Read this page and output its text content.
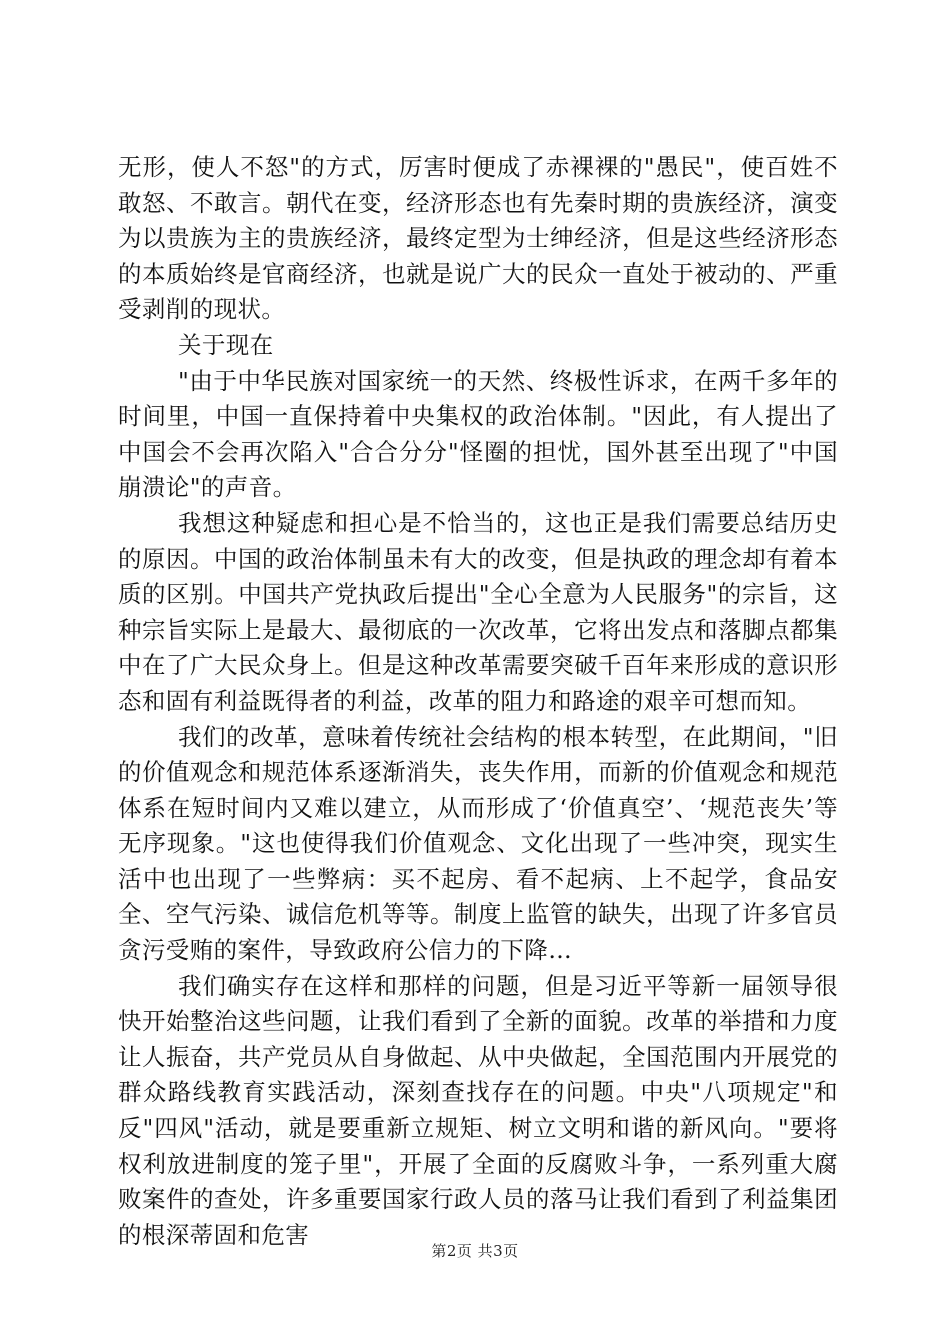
无形，使人不怒"的方式，厉害时便成了赤裸裸的"愚民"，使百姓不敢怒、不敢言。朝代在变，经济形态也有先秦时期的贵族经济，演变为以贵族为主的贵族经济，最终定型为士绅经济，但是这些经济形态的本质始终是官商经济，也就是说广大的民众一直处于被动的、严重受剥削的现状。

关于现在

"由于中华民族对国家统一的天然、终极性诉求，在两千多年的时间里，中国一直保持着中央集权的政治体制。"因此，有人提出了中国会不会再次陷入"合合分分"怪圈的担忧，国外甚至出现了"中国崩溃论"的声音。

我想这种疑虑和担心是不恰当的，这也正是我们需要总结历史的原因。中国的政治体制虽未有大的改变，但是执政的理念却有着本质的区别。中国共产党执政后提出"全心全意为人民服务"的宗旨，这种宗旨实际上是最大、最彻底的一次改革，它将出发点和落脚点都集中在了广大民众身上。但是这种改革需要突破千百年来形成的意识形态和固有利益既得者的利益，改革的阻力和路途的艰辛可想而知。

我们的改革，意味着传统社会结构的根本转型，在此期间，"旧的价值观念和规范体系逐渐消失，丧失作用，而新的价值观念和规范体系在短时间内又难以建立，从而形成了‘价值真空’、‘规范丧失’等无序现象。"这也使得我们价值观念、文化出现了一些冲突，现实生活中也出现了一些弊病：买不起房、看不起病、上不起学，食品安全、空气污染、诚信危机等等。制度上监管的缺失，出现了许多官员贪污受贿的案件，导致政府公信力的下降…

我们确实存在这样和那样的问题，但是习近平等新一届领导很快开始整治这些问题，让我们看到了全新的面貌。改革的举措和力度让人振奋，共产党员从自身做起、从中央做起，全国范围内开展党的群众路线教育实践活动，深刻查找存在的问题。中央"八项规定"和反"四风"活动，就是要重新立规矩、树立文明和谐的新风向。"要将权利放进制度的笼子里"，开展了全面的反腐败斗争，一系列重大腐败案件的查处，许多重要国家行政人员的落马让我们看到了利益集团的根深蒂固和危害

第2页 共3页
